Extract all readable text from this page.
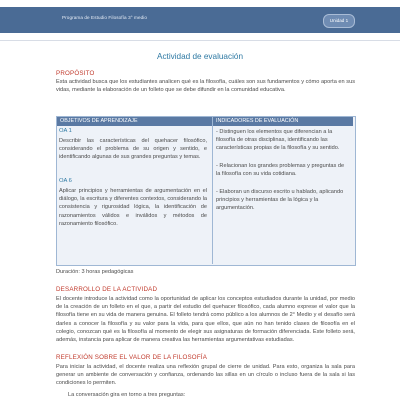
Programa de Estudio Filosofía 3° medio
Unidad 1
Actividad de evaluación
PROPÓSITO
Esta actividad busca que los estudiantes analicen qué es la filosofía, cuáles son sus fundamentos y cómo aporta en sus vidas, mediante la elaboración de un folleto que se debe difundir en la comunidad educativa.
OBJETIVOS DE APRENDIZAJE	INDICADORES DE EVALUACIÓN
OA 1
Describir las características del quehacer filosófico, considerando el problema de su origen y sentido, e identificando algunas de sus grandes preguntas y temas.
OA 6
Aplicar principios y herramientas de argumentación en el diálogo, la escritura y diferentes contextos, considerando la consistencia y rigurosidad lógica, la identificación de razonamientos válidos e inválidos y métodos de razonamiento filosófico.
- Distinguen los elementos que diferencian a la filosofía de otras disciplinas, identificando las características propias de la filosofía y su sentido.
- Relacionan los grandes problemas y preguntas de la filosofía con su vida cotidiana.
- Elaboran un discurso escrito u hablado, aplicando principios y herramientas de la lógica y la argumentación.
Duración: 3 horas pedagógicas
DESARROLLO DE LA ACTIVIDAD
El docente introduce la actividad como la oportunidad de aplicar los conceptos estudiados durante la unidad, por medio de la creación de un folleto en el que, a partir del estudio del quehacer filosófico, cada alumno exprese el valor que la filosofía tiene en su vida de manera genuina. El folleto tendrá como público a los alumnos de 2° Medio y el desafío será darles a conocer la filosofía y su valor para la vida, para que ellos, que aún no han tenido clases de filosofía en el colegio, conozcan qué es la filosofía al momento de elegir sus asignaturas de formación diferenciada. Este folleto será, además, instancia para aplicar de manera creativa las herramientas argumentativas estudiadas.
REFLEXIÓN SOBRE EL VALOR DE LA FILOSOFÍA
Para iniciar la actividad, el docente realiza una reflexión grupal de cierre de unidad. Para esto, organiza la sala para generar un ambiente de conversación y confianza, ordenando las sillas en un círculo o incluso fuera de la sala si las condiciones lo permiten.
La conversación gira en torno a tres preguntas:
